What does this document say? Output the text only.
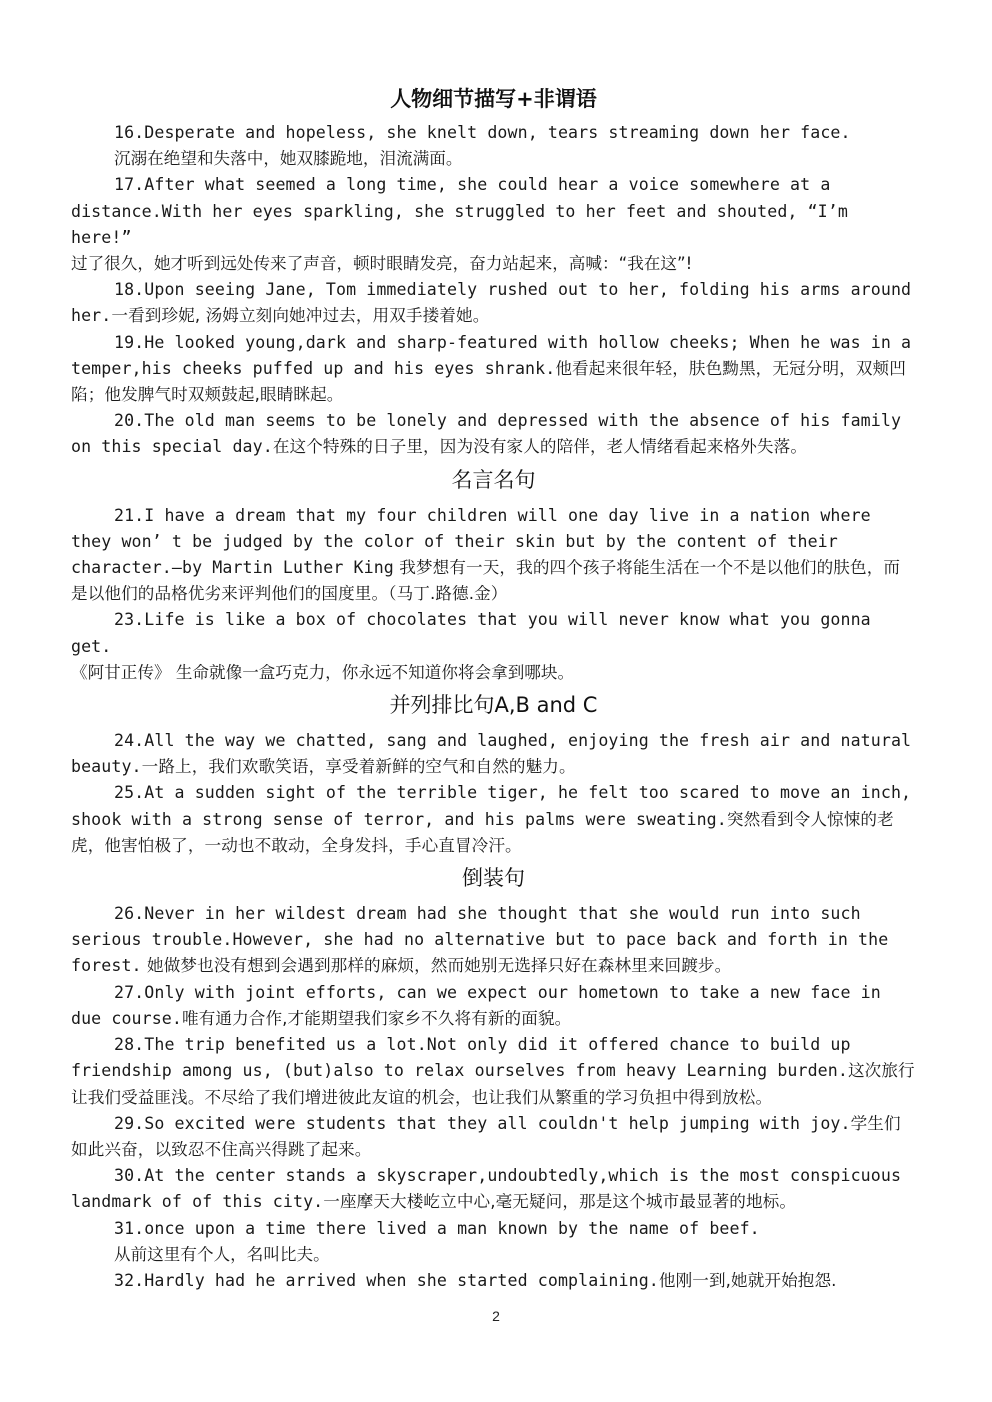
人物细节描写+非谓语

16.Desperate and hopeless, she knelt down, tears streaming down her face.

沉溺在绝望和失落中，她双膝跪地，泪流满面。

17.After what seemed a long time, she could hear a voice somewhere at a distance.With her eyes sparkling, she struggled to her feet and shouted, “I’m here!”

过了很久，她才听到远处传来了声音，顿时眼睛发亮，奋力站起来，高喊：“我在这”!

18.Upon seeing Jane, Tom immediately rushed out to her, folding his arms around her.一看到珍妮, 汤姆立刻向她冲过去，用双手搂着她。

19.He looked young,dark and sharp-featured with hollow cheeks; When he was in a temper,his cheeks puffed up and his eyes shrank.他看起来很年轻，肤色黝黑，无冠分明，双颊凹陷；他发脾气时双颊鼓起,眼睛眯起。

20.The old man seems to be lonely and depressed with the absence of his family on this special day.在这个特殊的日子里，因为没有家人的陪伴，老人情绪看起来格外失落。

名言名句

21.I have a dream that my four children will one day live in a nation where they won’ t be judged by the color of their skin but by the content of their character.—by Martin Luther King 我梦想有一天，我的四个孩子将能生活在一个不是以他们的肤色，而是以他们的品格优劣来评判他们的国度里。（马丁.路德.金）

23.Life is like a box of chocolates that you will never know what you gonna get.

《阿甘正传》 生命就像一盒巧克力，你永远不知道你将会拿到哪块。

并列排比句A,B and C

24.All the way we chatted, sang and laughed, enjoying the fresh air and natural beauty.一路上，我们欢歌笑语，享受着新鲜的空气和自然的魅力。

25.At a sudden sight of the terrible tiger, he felt too scared to move an inch, shook with a strong sense of terror, and his palms were sweating.突然看到令人惊悚的老虎，他害怕极了，一动也不敢动，全身发抖，手心直冒冷汗。

倒装句

26.Never in her wildest dream had she thought that she would run into such serious trouble.However, she had no alternative but to pace back and forth in the forest. 她做梦也没有想到会遇到那样的麻烦，然而她别无选择只好在森林里来回踱步。

27.Only with joint efforts, can we expect our hometown to take a new face in due course.唯有通力合作,才能期望我们家乡不久将有新的面貌。

28.The trip benefited us a lot.Not only did it offered chance to build up friendship among us, (but)also to relax ourselves from heavy Learning burden.这次旅行让我们受益匪浅。不尽给了我们增进彼此友谊的机会，也让我们从繁重的学习负担中得到放松。

29.So excited were students that they all couldn't help jumping with joy.学生们如此兴奋，以致忍不住高兴得跳了起来。

30.At the center stands a skyscraper,undoubtedly,which is the most conspicuous landmark of of this city.一座摩天大楼屹立中心,毫无疑问，那是这个城市最显著的地标。

31.once upon a time there lived a man known by the name of beef.

从前这里有个人，名叫比夫。

32.Hardly had he arrived when she started complaining.他刚一到,她就开始抱怨.

2
